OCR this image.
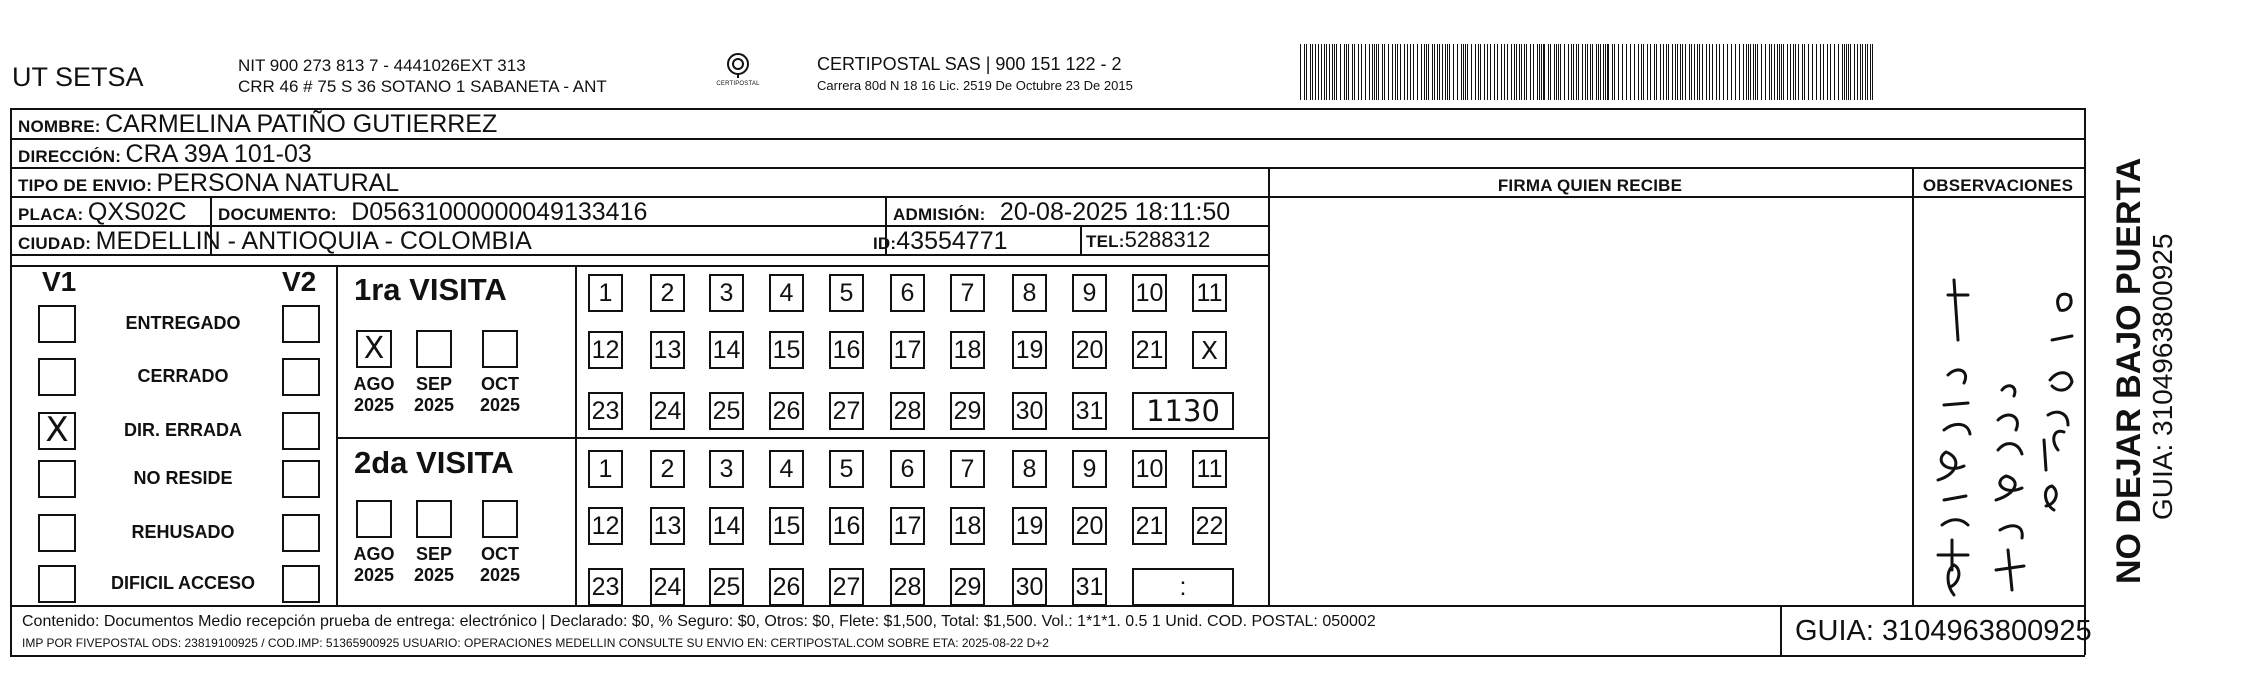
UT SETSA	NIT 900 273 813 7 - 4441026EXT 313
CRR 46 # 75 S 36 SOTANO 1 SABANETA - ANT	CERTIPOSTAL
CERTIPOSTAL SAS | 900 151 122 - 2
Carrera 80d N 18 16 Lic. 2519 De Octubre 23 De 2015
NOMBRE: CARMELINA PATIÑO GUTIERREZ
DIRECCIÓN: CRA 39A 101-03
TIPO DE ENVIO: PERSONA NATURAL	FIRMA QUIEN RECIBE	OBSERVACIONES
PLACA: QXS02C DOCUMENTO: D05631000000049133416	ADMISIÓN: 20-08-2025 18:11:50
CIUDAD: MEDELLIN - ANTIOQUIA - COLOMBIA	ID:43554771	TEL:5288312
V1	V2
ENTREGADO
CERRADO
X	DIR. ERRADA
NO RESIDE
REHUSADO
DIFICIL ACCESO
1ra VISITA
X
AGO
2025
SEP
2025
OCT
2025
1	2	3	4	5	6	7	8	9	10 11
12 13 14 15 16 17 18 19 20 21	X
23 24 25 26 27 28 29 30 31	1130
2da VISITA
AGO
2025
SEP
2025
OCT
2025
1	2	3	4	5	6	7	8	9	10 11
12 13 14 15 16 17 18 19 20 21 22
23 24 25 26 27 28 29 30 31	:
NO DEJAR BAJO PUERTA GUIA: 3104963800925
Contenido: Documentos Medio recepción prueba de entrega: electrónico | Declarado: $0, % Seguro: $0, Otros: $0, Flete: $1,500, Total: $1,500. Vol.: 1*1*1. 0.5 1 Unid. COD. POSTAL: 050002
IMP POR FIVEPOSTAL ODS: 23819100925 / COD.IMP: 51365900925 USUARIO: OPERACIONES MEDELLIN CONSULTE SU ENVIO EN: CERTIPOSTAL.COM SOBRE ETA: 2025-08-22 D+2	GUIA: 3104963800925
